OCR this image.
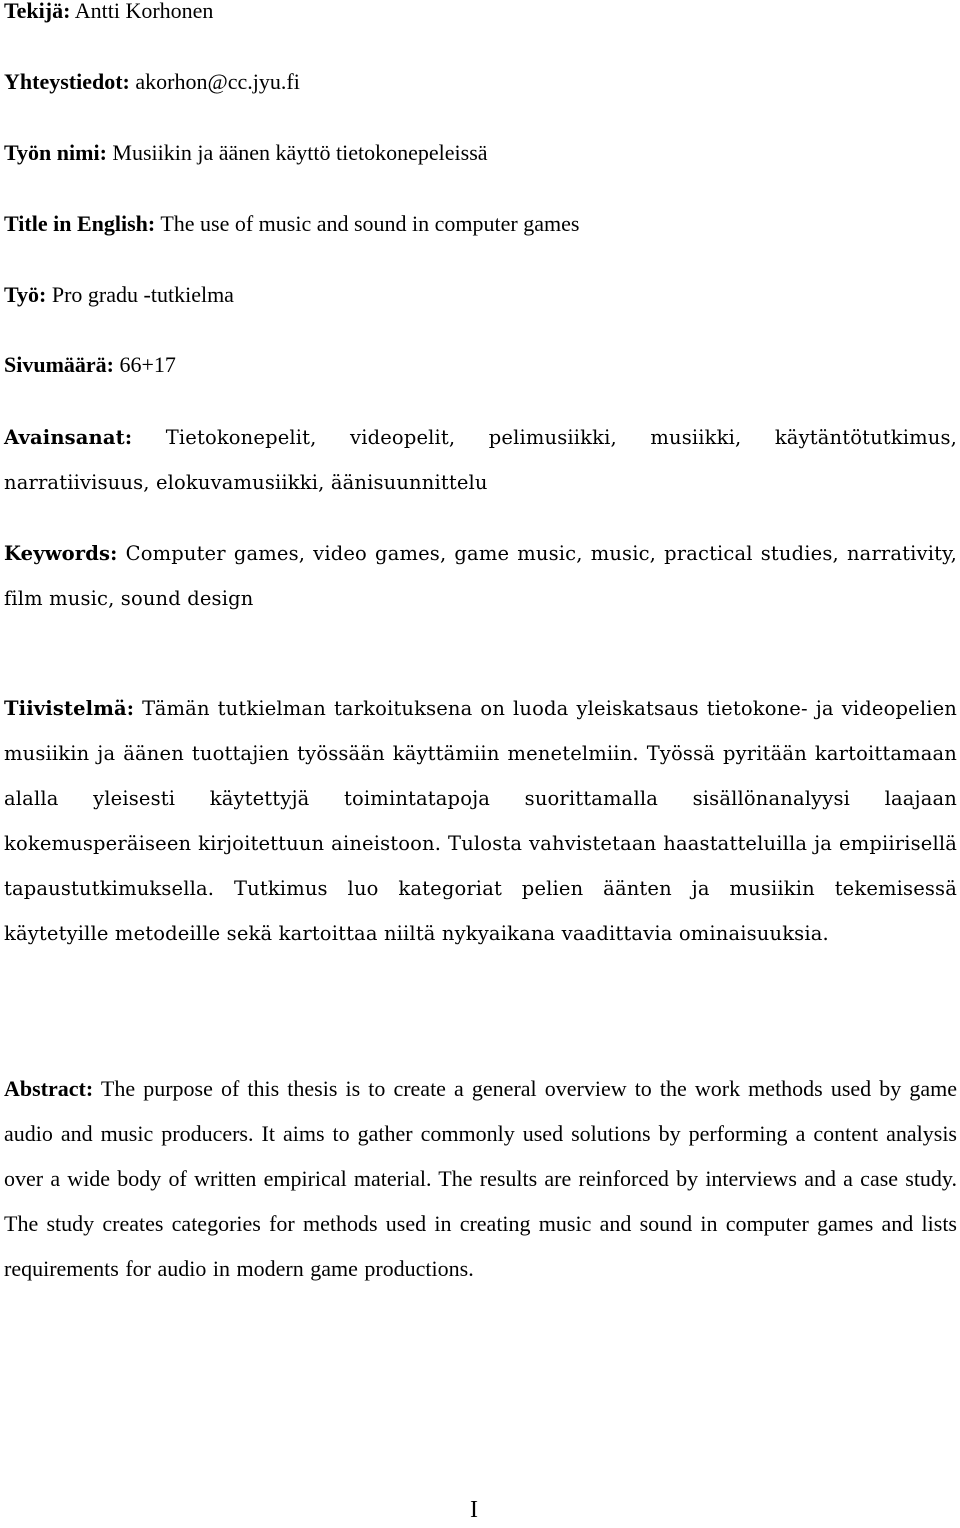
Tekijä: Antti Korhonen

Yhteystiedot: akorhon@cc.jyu.fi

Työn nimi: Musiikin ja äänen käyttö tietokonepeleissä

Title in English: The use of music and sound in computer games

Työ: Pro gradu -tutkielma

Sivumäärä: 66+17

Avainsanat: Tietokonepelit, videopelit, pelimusiikki, musiikki, käytäntötutkimus, narratiivisuus, elokuvamusiikki, äänisuunnittelu

Keywords: Computer games, video games, game music, music, practical studies, narrativity, film music, sound design

Tiivistelmä: Tämän tutkielman tarkoituksena on luoda yleiskatsaus tietokone- ja videopelien musiikin ja äänen tuottajien työssään käyttämiin menetelmiin. Työssä pyritään kartoittamaan alalla yleisesti käytettyjä toimintatapoja suorittamalla sisällönanalyysi laajaan kokemusperäiseen kirjoitettuun aineistoon. Tulosta vahvistetaan haastatteluilla ja empiirisellä tapaustutkimuksella. Tutkimus luo kategoriat pelien äänten ja musiikin tekemisessä käytetyille metodeille sekä kartoittaa niiltä nykyaikana vaadittavia ominaisuuksia.

Abstract: The purpose of this thesis is to create a general overview to the work methods used by game audio and music producers. It aims to gather commonly used solutions by performing a content analysis over a wide body of written empirical material. The results are reinforced by interviews and a case study. The study creates categories for methods used in creating music and sound in computer games and lists requirements for audio in modern game productions.

I
